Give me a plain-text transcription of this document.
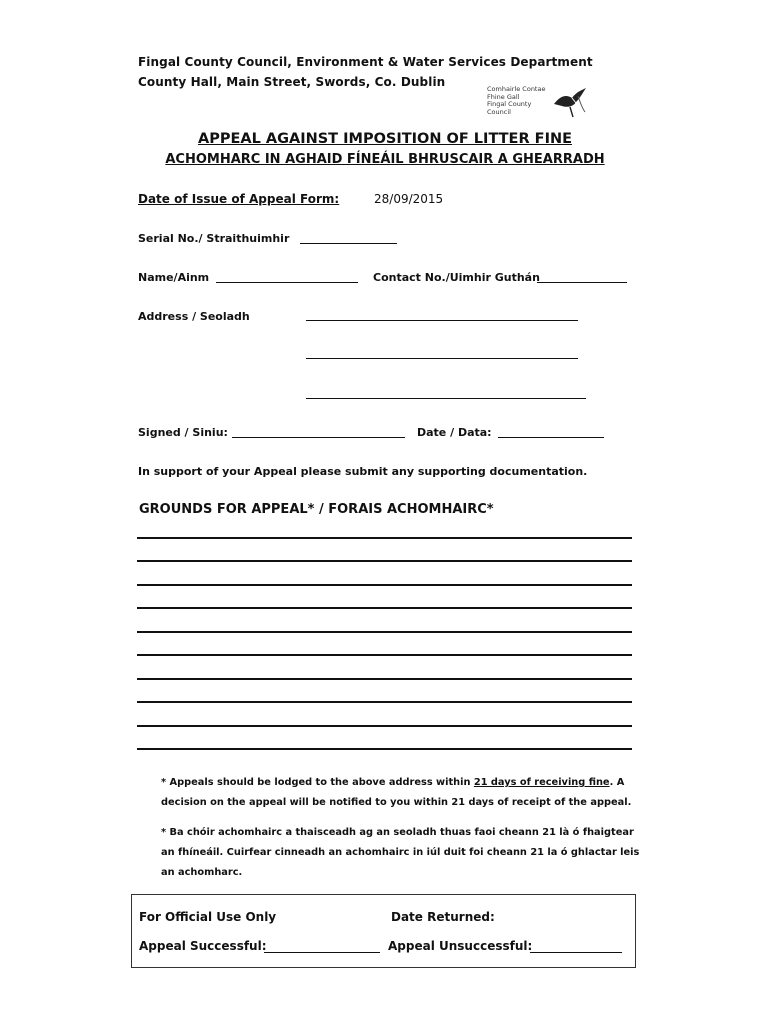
Fingal County Council, Environment & Water Services Department
County Hall, Main Street, Swords, Co. Dublin	Comhairle Contae
Fhine Gall
Fingal County
Council
APPEAL AGAINST IMPOSITION OF LITTER FINE
ACHOMHARC IN AGHAID FÍNEÁIL BHRUSCAIR A GHEARRADH
Date of Issue of Appeal Form:	28/09/2015
Serial No./ Straithuimhir
Name/Ainm	Contact No./Uimhir Guthán
Address / Seoladh
Signed / Siniu:	Date / Data:
In support of your Appeal please submit any supporting documentation.
GROUNDS FOR APPEAL* / FORAIS ACHOMHAIRC*
* Appeals should be lodged to the above address within 21 days of receiving fine. A
decision on the appeal will be notified to you within 21 days of receipt of the appeal.
* Ba chóir achomhairc a thaisceadh ag an seoladh thuas faoi cheann 21 là ó fhaigtear
an fhíneáil. Cuirfear cinneadh an achomhairc in iúl duit foi cheann 21 la ó ghlactar leis
an achomharc.
For Official Use Only	Date Returned:
Appeal Successful:	Appeal Unsuccessful:
